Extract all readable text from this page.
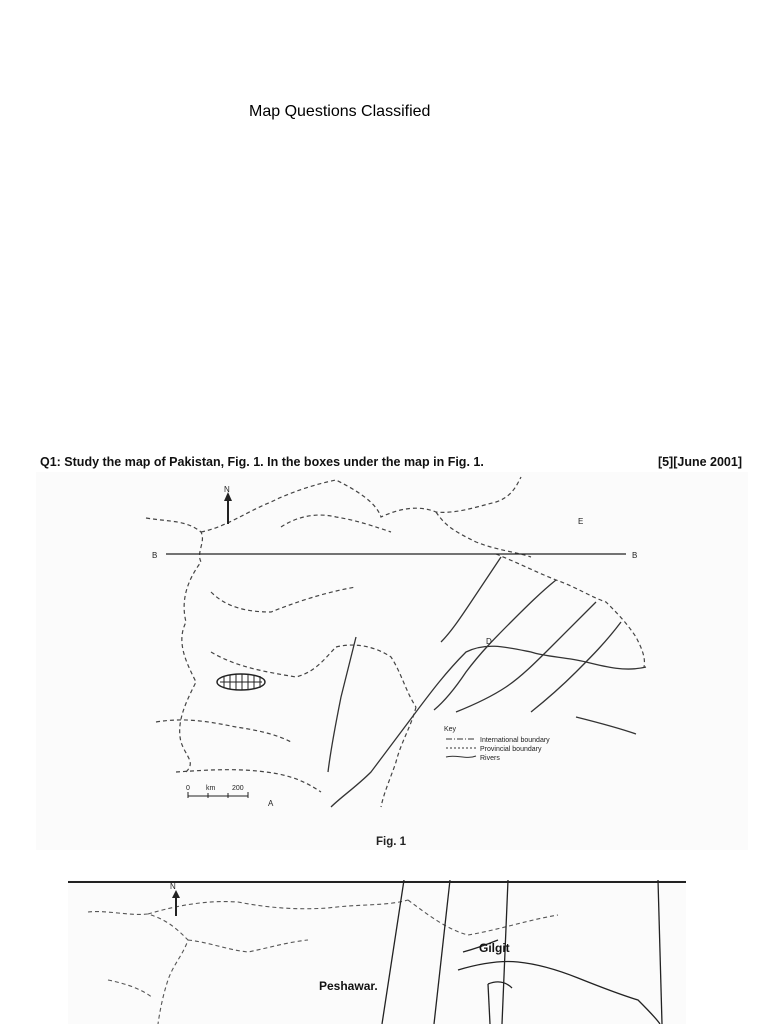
Map Questions Classified
Q1: Study the map of Pakistan, Fig. 1. In the boxes under the map in Fig. 1.	[5][June 2001]
N
B	B
E
D
A
0 km 200
Key
International boundary
Provincial boundary
Rivers
Fig. 1
N
Gilgit
Peshawar.
